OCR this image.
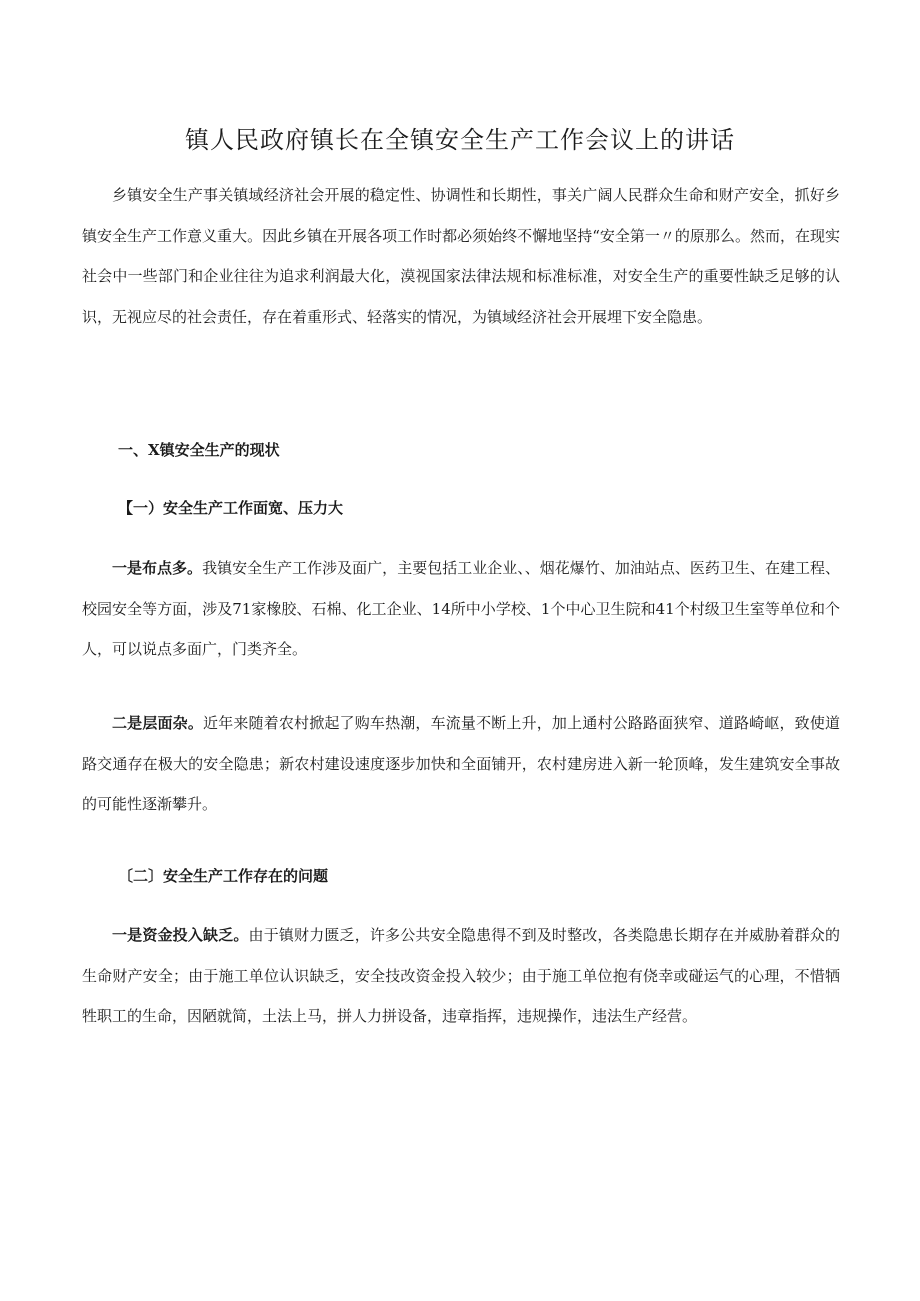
镇人民政府镇长在全镇安全生产工作会议上的讲话

乡镇安全生产事关镇域经济社会开展的稳定性、协调性和长期性，事关广阔人民群众生命和财产安全，抓好乡镇安全生产工作意义重大。因此乡镇在开展各项工作时都必须始终不懈地坚持“安全第一〃的原那么。然而，在现实社会中一些部门和企业往往为追求利润最大化，漠视国家法律法规和标准标准，对安全生产的重要性缺乏足够的认识，无视应尽的社会责任，存在着重形式、轻落实的情况，为镇域经济社会开展埋下安全隐患。

一、X镇安全生产的现状

【一）安全生产工作面宽、压力大

一是布点多。我镇安全生产工作涉及面广，主要包括工业企业、、烟花爆竹、加油站点、医药卫生、在建工程、校园安全等方面，涉及71家橡胶、石棉、化工企业、14所中小学校、1个中心卫生院和41个村级卫生室等单位和个人，可以说点多面广，门类齐全。

二是层面杂。近年来随着农村掀起了购车热潮，车流量不断上升，加上通村公路路面狭窄、道路崎岖，致使道路交通存在极大的安全隐患；新农村建设速度逐步加快和全面铺开，农村建房进入新一轮顶峰，发生建筑安全事故的可能性逐渐攀升。

〔二〕安全生产工作存在的问题

一是资金投入缺乏。由于镇财力匮乏，许多公共安全隐患得不到及时整改，各类隐患长期存在并威胁着群众的生命财产安全；由于施工单位认识缺乏，安全技改资金投入较少；由于施工单位抱有侥幸或碰运气的心理，不惜牺牲职工的生命，因陋就简，土法上马，拼人力拼设备，违章指挥，违规操作，违法生产经营。
